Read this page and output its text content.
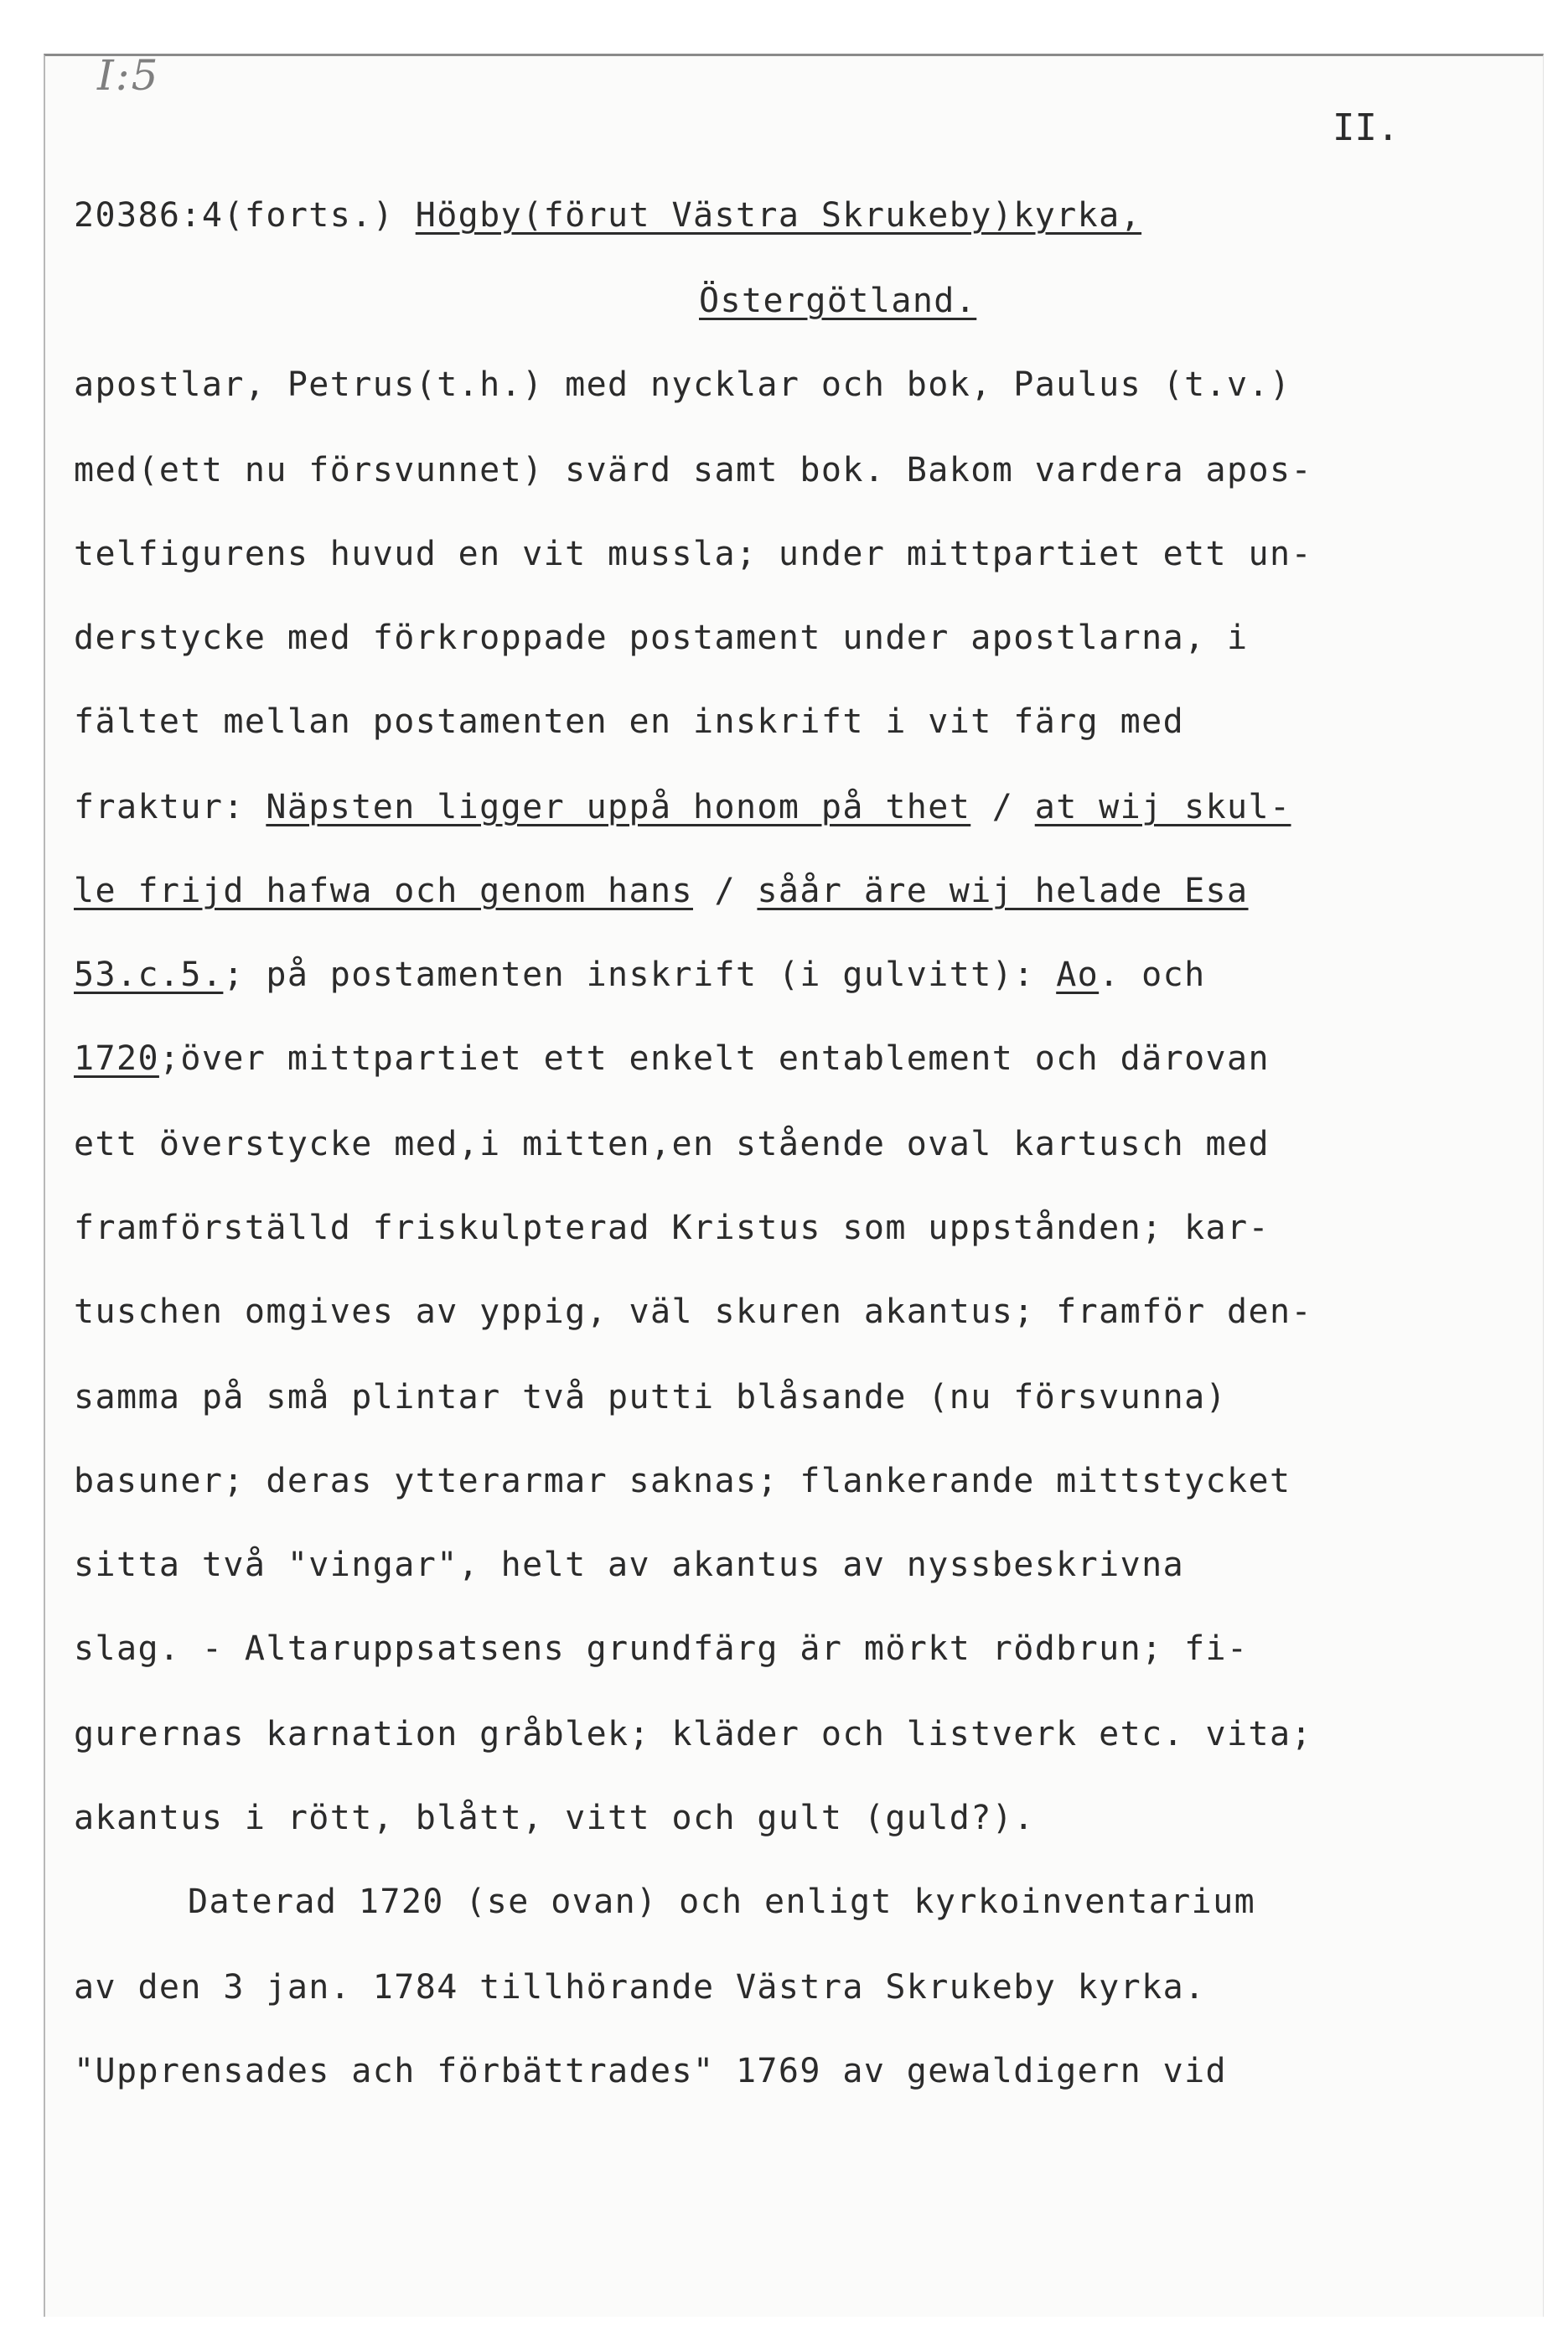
I:5
II.
20386:4(forts.) Högby(förut Västra Skrukeby)kyrka,
Östergötland.
apostlar, Petrus(t.h.) med nycklar och bok, Paulus (t.v.)
med(ett nu försvunnet) svärd samt bok. Bakom vardera apos-
telfigurens huvud en vit mussla; under mittpartiet ett un-
derstycke med förkroppade postament under apostlarna, i
fältet mellan postamenten en inskrift i vit färg med
fraktur: Näpsten ligger uppå honom på thet / at wij skul-
le frijd hafwa och genom hans / såår äre wij helade Esa
53.c.5.; på postamenten inskrift (i gulvitt): Ao. och
1720;över mittpartiet ett enkelt entablement och därovan
ett överstycke med,i mitten,en stående oval kartusch med
framförställd friskulpterad Kristus som uppstånden; kar-
tuschen omgives av yppig, väl skuren akantus; framför den-
samma på små plintar två putti blåsande (nu försvunna)
basuner; deras ytterarmar saknas; flankerande mittstycket
sitta två "vingar", helt av akantus av nyssbeskrivna
slag. - Altaruppsatsens grundfärg är mörkt rödbrun; fi-
gurernas karnation gråblek; kläder och listverk etc. vita;
akantus i rött, blått, vitt och gult (guld?).
Daterad 1720 (se ovan) och enligt kyrkoinventarium
av den 3 jan. 1784 tillhörande Västra Skrukeby kyrka.
"Upprensades ach förbättrades" 1769 av gewaldigern vid
